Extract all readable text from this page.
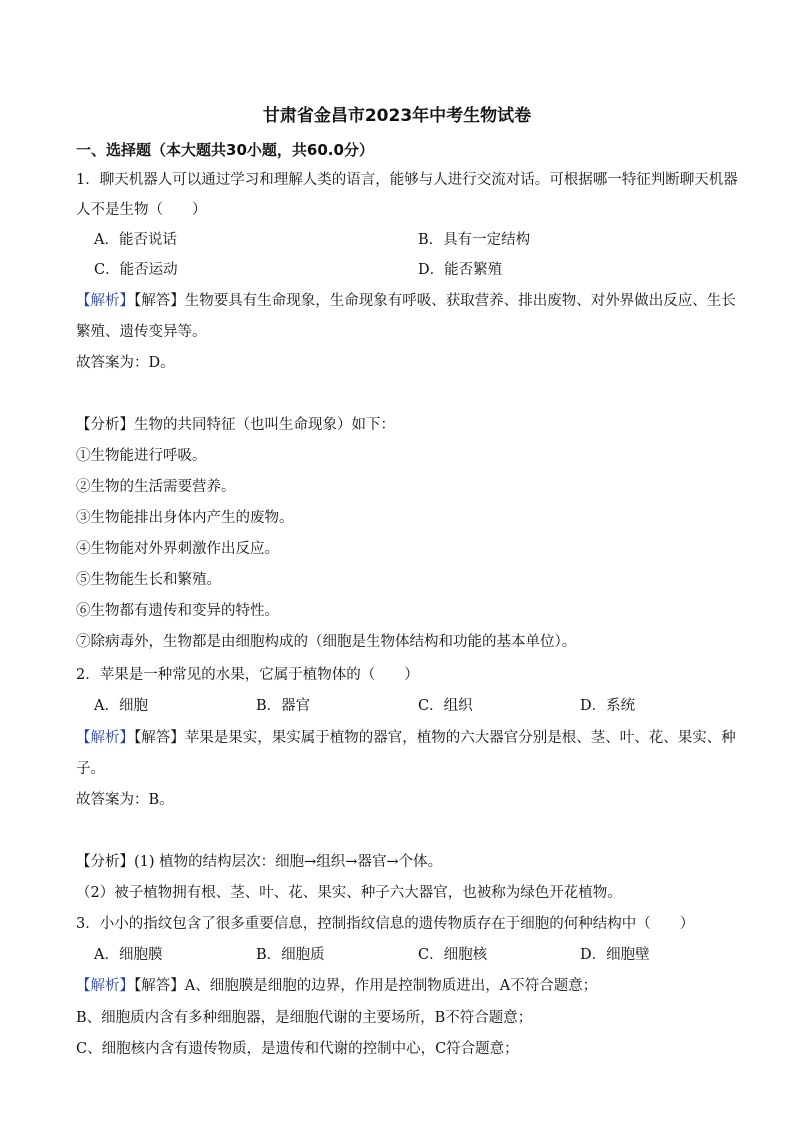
甘肃省金昌市2023年中考生物试卷
一、选择题（本大题共30小题，共60.0分）
1．聊天机器人可以通过学习和理解人类的语言，能够与人进行交流对话。可根据哪一特征判断聊天机器
人不是生物（　　）
A．能否说话	B．具有一定结构
C．能否运动	D．能否繁殖
【解析】【解答】生物要具有生命现象，生命现象有呼吸、获取营养、排出废物、对外界做出反应、生长
繁殖、遗传变异等。
故答案为：D。
【分析】生物的共同特征（也叫生命现象）如下：
①生物能进行呼吸。
②生物的生活需要营养。
③生物能排出身体内产生的废物。
④生物能对外界刺激作出反应。
⑤生物能生长和繁殖。
⑥生物都有遗传和变异的特性。
⑦除病毒外，生物都是由细胞构成的（细胞是生物体结构和功能的基本单位）。
2．苹果是一种常见的水果，它属于植物体的（　　）
A．细胞	B．器官	C．组织	D．系统
【解析】【解答】苹果是果实，果实属于植物的器官，植物的六大器官分别是根、茎、叶、花、果实、种
子。
故答案为：B。
【分析】(1) 植物的结构层次：细胞→组织→器官→个体。
（2）被子植物拥有根、茎、叶、花、果实、种子六大器官，也被称为绿色开花植物。
3．小小的指纹包含了很多重要信息，控制指纹信息的遗传物质存在于细胞的何种结构中（　　）
A．细胞膜	B．细胞质	C．细胞核	D．细胞壁
【解析】【解答】A、细胞膜是细胞的边界，作用是控制物质进出，A不符合题意；
B、细胞质内含有多种细胞器，是细胞代谢的主要场所，B不符合题意；
C、细胞核内含有遗传物质，是遗传和代谢的控制中心，C符合题意；
